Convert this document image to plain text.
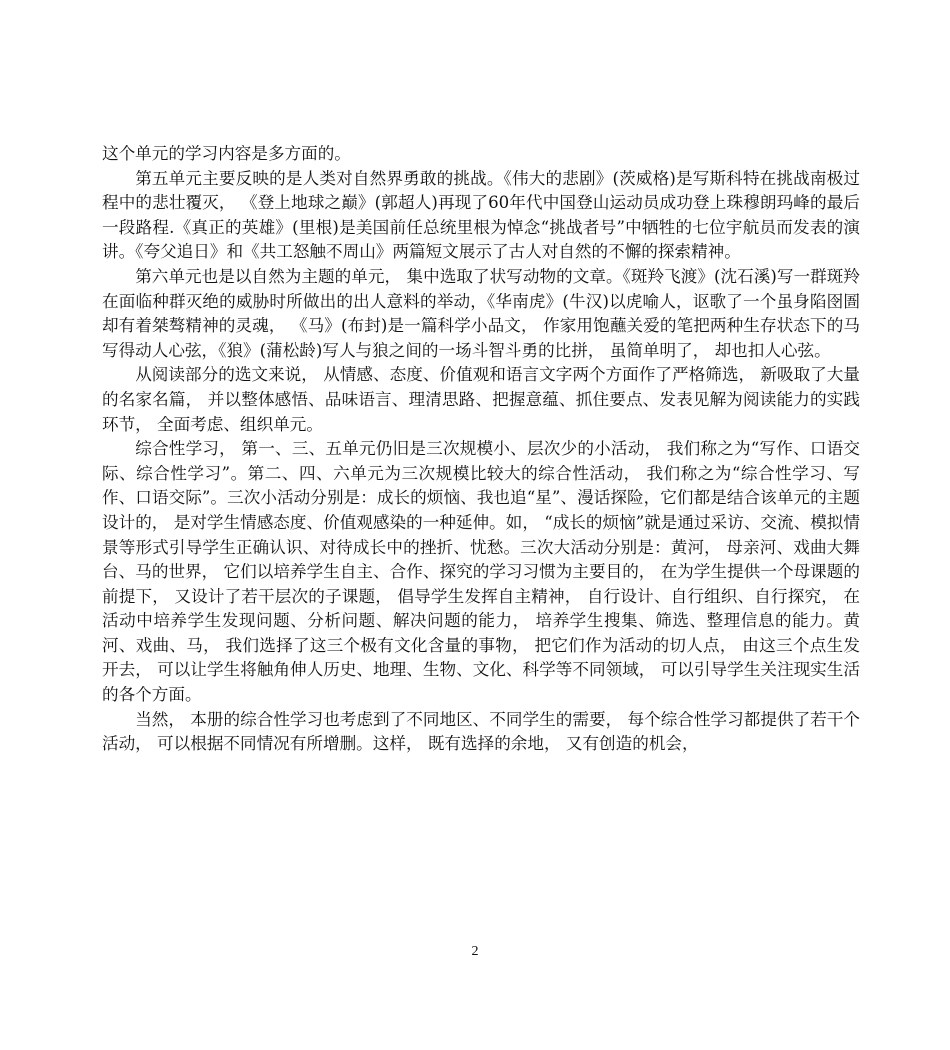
这个单元的学习内容是多方面的。

第五单元主要反映的是人类对自然界勇敢的挑战。《伟大的悲剧》(茨威格)是写斯科特在挑战南极过程中的悲壮覆灭， 《登上地球之巅》(郭超人)再现了60年代中国登山运动员成功登上珠穆朗玛峰的最后一段路程.《真正的英雄》(里根)是美国前任总统里根为悼念“挑战者号”中牺牲的七位宇航员而发表的演讲。《夸父追日》和《共工怒触不周山》两篇短文展示了古人对自然的不懈的探索精神。

第六单元也是以自然为主题的单元， 集中选取了状写动物的文章。《斑羚飞渡》(沈石溪)写一群斑羚在面临种群灭绝的威胁时所做出的出人意料的举动，《华南虎》(牛汉)以虎喻人，讴歌了一个虽身陷囹圄却有着桀骜精神的灵魂， 《马》(布封)是一篇科学小品文， 作家用饱蘸关爱的笔把两种生存状态下的马写得动人心弦，《狼》(蒲松龄)写人与狼之间的一场斗智斗勇的比拼， 虽简单明了， 却也扣人心弦。

从阅读部分的选文来说， 从情感、态度、价值观和语言文字两个方面作了严格筛选， 新吸取了大量的名家名篇， 并以整体感悟、品味语言、理清思路、把握意蕴、抓住要点、发表见解为阅读能力的实践环节， 全面考虑、组织单元。

综合性学习， 第一、三、五单元仍旧是三次规模小、层次少的小活动， 我们称之为“写作、口语交际、综合性学习”。第二、四、六单元为三次规模比较大的综合性活动， 我们称之为“综合性学习、写作、口语交际”。三次小活动分别是：成长的烦恼、我也追“星”、漫话探险，它们都是结合该单元的主题设计的， 是对学生情感态度、价值观感染的一种延伸。如， “成长的烦恼”就是通过采访、交流、模拟情景等形式引导学生正确认识、对待成长中的挫折、忧愁。三次大活动分别是：黄河， 母亲河、戏曲大舞台、马的世界， 它们以培养学生自主、合作、探究的学习习惯为主要目的， 在为学生提供一个母课题的前提下， 又设计了若干层次的子课题， 倡导学生发挥自主精神， 自行设计、自行组织、自行探究， 在活动中培养学生发现问题、分析问题、解决问题的能力， 培养学生搜集、筛选、整理信息的能力。黄河、戏曲、马， 我们选择了这三个极有文化含量的事物， 把它们作为活动的切人点， 由这三个点生发开去， 可以让学生将触角伸人历史、地理、生物、文化、科学等不同领域， 可以引导学生关注现实生活的各个方面。

当然， 本册的综合性学习也考虑到了不同地区、不同学生的需要， 每个综合性学习都提供了若干个活动， 可以根据不同情况有所增删。这样， 既有选择的余地， 又有创造的机会，

2
